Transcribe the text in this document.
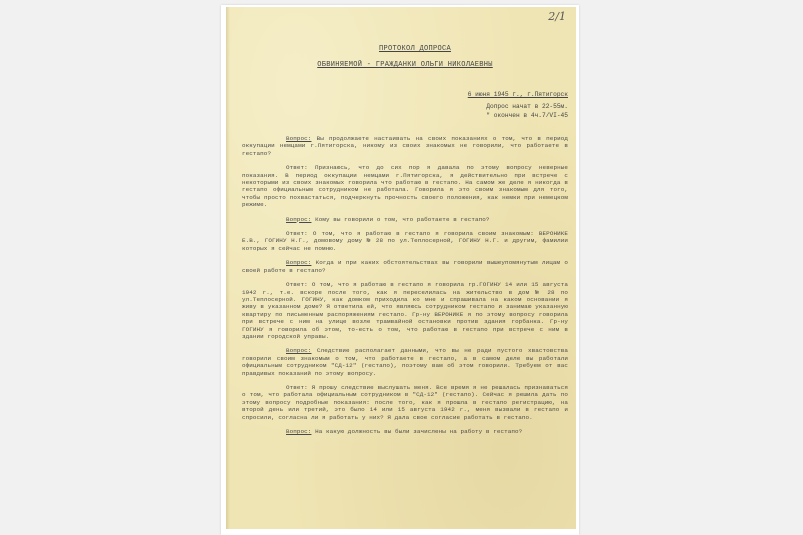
2/1
ПРОТОКОЛ ДОПРОСА
ОБВИНЯЕМОЙ - ГРАЖДАНКИ ОЛЬГИ НИКОЛАЕВНЫ
6 июня 1945 г., г.Пятигорск
Допрос начат в 22-55м.
" окончен в 4ч.7/VI-45

Вопрос: Вы продолжаете настаивать на своих показаниях о том, что в период оккупации немцами г.Пятигорска, никому из своих знакомых не говорили, что работаете в гестапо?

Ответ: Признаюсь, что до сих пор я давала по этому вопросу неверные показания. В период оккупации немцами г.Пятигорска, я действительно при встрече с некоторыми из своих знакомых говорила что работаю в гестапо. На самом же деле я никогда в гестапо официальным сотрудником не работала. Говорила я это своим знакомым для того, чтобы просто похвастаться, подчеркнуть прочность своего положения, как немки при немецком режиме.

Вопрос: Кому вы говорили о том, что работаете в гестапо?

Ответ: О том, что я работаю в гестапо я говорила своим знакомым: ВЕРОНИКЕ Е.В., ГОГИНУ Н.Г., домовому дому № 28 по ул.Теплосерной, ГОГИНУ Н.Г. и другим, фамилии которых я сейчас не помню.

Вопрос: Когда и при каких обстоятельствах вы говорили вышеупомянутым лицам о своей работе в гестапо?

Ответ: О том, что я работаю в гестапо я говорила гр.ГОГИНУ 14 или 15 августа 1942 г., т.е. вскоре после того, как я переселилась на жительство в дом № 28 по ул.Теплосерной. ГОГИНУ, как домком приходила ко мне и спрашивала на каком основании я живу в указанном доме? Я ответила ей, что являюсь сотрудником гестапо и занимаю указанную квартиру по письменным распоряжениям гестапо. Гр-ну ВЕРОНИКЕ я по этому вопросу говорила при встрече с ним на улице возле трамвайной остановки против здания горбанка. Гр-ну ГОГИНУ я говорила об этом, то-есть о том, что работаю в гестапо при встрече с ним в здании городской управы.

Вопрос: Следствие располагает данными, что вы не ради пустого хвастовства говорили своим знакомым о том, что работаете в гестапо, а в самом деле вы работали официальным сотрудником "СД-12" (гестапо), поэтому вам об этом говорили. Требуем от вас правдивых показаний по этому вопросу.

Ответ: Я прошу следствие выслушать меня. Все время я не решалась признаваться о том, что работала официальным сотрудником в "СД-12" (гестапо). Сейчас я решила дать по этому вопросу подробные показания: после того, как я прошла в гестапо регистрацию, на второй день или третий, это было 14 или 15 августа 1942 г., меня вызвали в гестапо и спросили, согласна ли я работать у них? Я дала свое согласие работать в гестапо.

Вопрос: На какую должность вы были зачислены на работу в гестапо?
